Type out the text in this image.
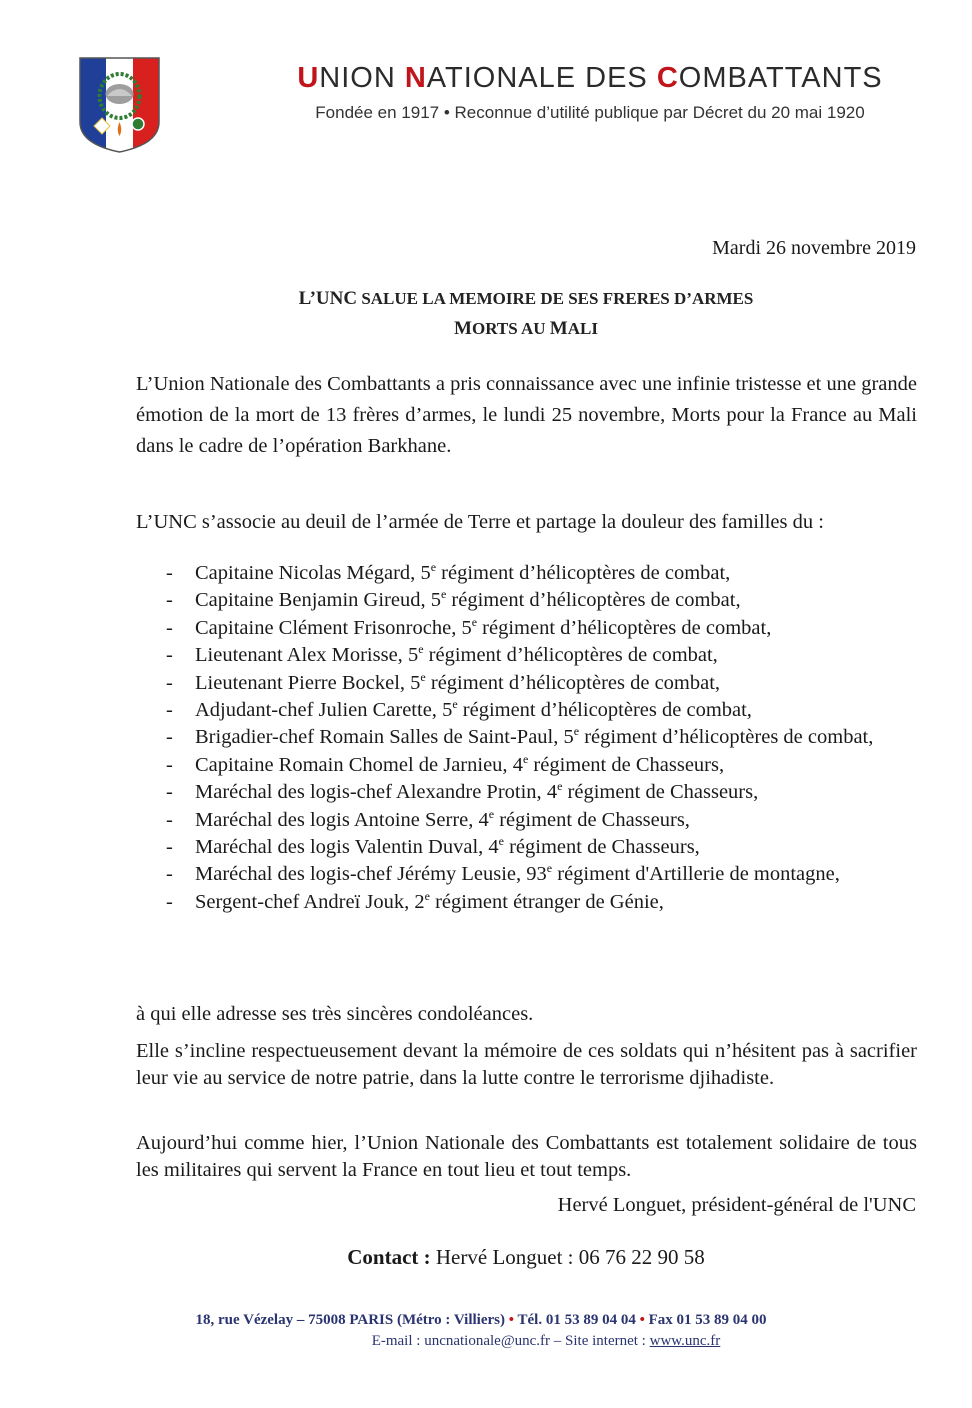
U N C	UNION NATIONALE DES COMBATTANTS
Fondée en 1917 • Reconnue d’utilité publique par Décret du 20 mai 1920
Mardi 26 novembre 2019
L’UNC SALUE LA MEMOIRE DE SES FRERES D’ARMES
MORTS AU MALI
L’Union Nationale des Combattants a pris connaissance avec une infinie tristesse et une grande émotion de la mort de 13 frères d’armes, le lundi 25 novembre, Morts pour la France au Mali dans le cadre de l’opération Barkhane.
L’UNC s’associe au deuil de l’armée de Terre et partage la douleur des familles du :
- Capitaine Nicolas Mégard, 5e régiment d’hélicoptères de combat,
- Capitaine Benjamin Gireud, 5e régiment d’hélicoptères de combat,
- Capitaine Clément Frisonroche, 5e régiment d’hélicoptères de combat,
- Lieutenant Alex Morisse, 5e régiment d’hélicoptères de combat,
- Lieutenant Pierre Bockel, 5e régiment d’hélicoptères de combat,
- Adjudant-chef Julien Carette, 5e régiment d’hélicoptères de combat,
- Brigadier-chef Romain Salles de Saint-Paul, 5e régiment d’hélicoptères de combat,
- Capitaine Romain Chomel de Jarnieu, 4e régiment de Chasseurs,
- Maréchal des logis-chef Alexandre Protin, 4e régiment de Chasseurs,
- Maréchal des logis Antoine Serre, 4e régiment de Chasseurs,
- Maréchal des logis Valentin Duval, 4e régiment de Chasseurs,
- Maréchal des logis-chef Jérémy Leusie, 93e régiment d'Artillerie de montagne,
- Sergent-chef Andreï Jouk, 2e régiment étranger de Génie,
à qui elle adresse ses très sincères condoléances.
Elle s’incline respectueusement devant la mémoire de ces soldats qui n’hésitent pas à sacrifier leur vie au service de notre patrie, dans la lutte contre le terrorisme djihadiste.
Aujourd’hui comme hier, l’Union Nationale des Combattants est totalement solidaire de tous les militaires qui servent la France en tout lieu et tout temps.
Hervé Longuet, président-général de l'UNC
Contact : Hervé Longuet : 06 76 22 90 58
18, rue Vézelay – 75008 PARIS (Métro : Villiers) • Tél. 01 53 89 04 04 • Fax 01 53 89 04 00
E-mail : uncnationale@unc.fr – Site internet : www.unc.fr
